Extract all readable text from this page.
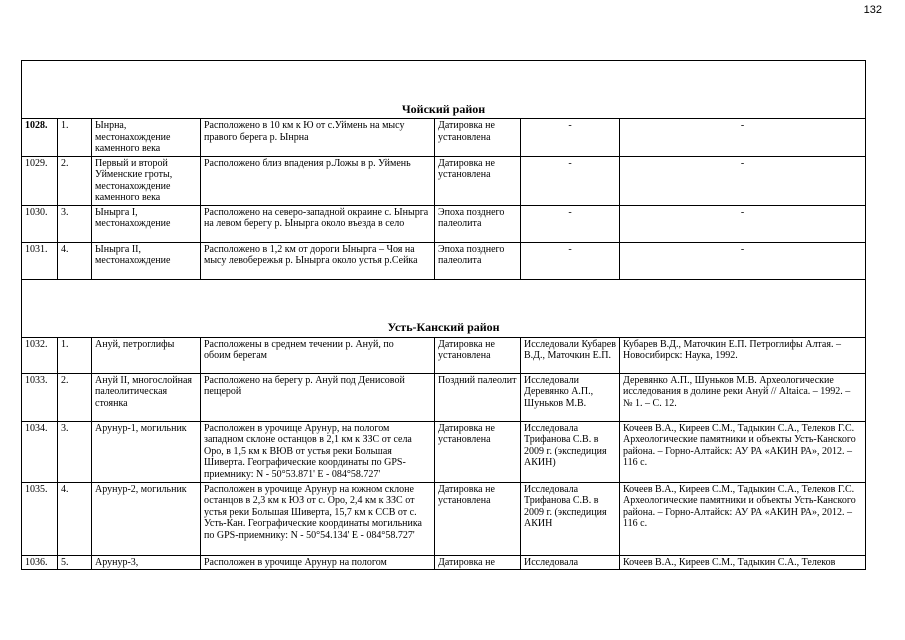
132
Чойский район						
1028.	1.	Ынрна, местонахождение каменного века	Расположено в 10 км к Ю от с.Уймень на мысу правого берега р. Ынрна	Датировка не установлена	-	-
1029.	2.	Первый и второй Уйменские гроты, местонахождение каменного века	Расположено близ впадения р.Ложы в р. Уймень	Датировка не установлена	-	-
1030.	3.	Ынырга I, местонахождение	Расположено на северо-западной окраине с. Ынырга на левом берегу р. Ынырга около въезда в село	Эпоха позднего палеолита	-	-
1031.	4.	Ынырга II, местонахождение	Расположено в 1,2 км от дороги Ынырга – Чоя на мысу левобережья р. Ынырга около устья р.Сейка	Эпоха позднего палеолита	-	-
Усть-Канский район						
1032.	1.	Ануй, петроглифы	Расположены в среднем течении р. Ануй, по обоим берегам	Датировка не установлена	Исследовали Кубарев В.Д., Маточкин Е.П.	Кубарев В.Д., Маточкин Е.П. Петроглифы Алтая. – Новосибирск: Наука, 1992.
1033.	2.	Ануй II, многослойная палеолитическая стоянка	Расположено на берегу р. Ануй под Денисовой пещерой	Поздний палеолит	Исследовали Деревянко А.П., Шуньков М.В.	Деревянко А.П., Шуньков М.В. Археологические исследования в долине реки Ануй // Altaica. – 1992. – № 1. – С. 12.
1034.	3.	Арунур-1, могильник	Расположен в урочище Арунур, на пологом западном склоне останцов в 2,1 км к ЗЗС от села Оро, в 1,5 км к ВЮВ от устья реки Большая Шиверта. Географические координаты по GPS-приемнику: N - 50°53.871' E - 084°58.727'	Датировка не установлена	Исследовала Трифанова С.В. в 2009 г. (экспедиция АКИН)	Кочеев В.А., Киреев С.М., Тадыкин С.А., Телеков Г.С. Археологические памятники и объекты Усть-Канского района. – Горно-Алтайск: АУ РА «АКИН РА», 2012. – 116 с.
1035.	4.	Арунур-2, могильник	Расположен в урочище Арунур на южном склоне останцов в 2,3 км к ЮЗ от с. Оро, 2,4 км к ЗЗС от устья реки Большая Шиверта, 15,7 км к ССВ от с. Усть-Кан. Географические координаты могильника по GPS-приемнику: N - 50°54.134' E - 084°58.727'	Датировка не установлена	Исследовала Трифанова С.В. в 2009 г. (экспедиция АКИН	Кочеев В.А., Киреев С.М., Тадыкин С.А., Телеков Г.С. Археологические памятники и объекты Усть-Канского района. – Горно-Алтайск: АУ РА «АКИН РА», 2012. – 116 с.
1036.	5.	Арунур-3,	Расположен в урочище Арунур на пологом	Датировка не	Исследовала	Кочеев В.А., Киреев С.М., Тадыкин С.А., Телеков
